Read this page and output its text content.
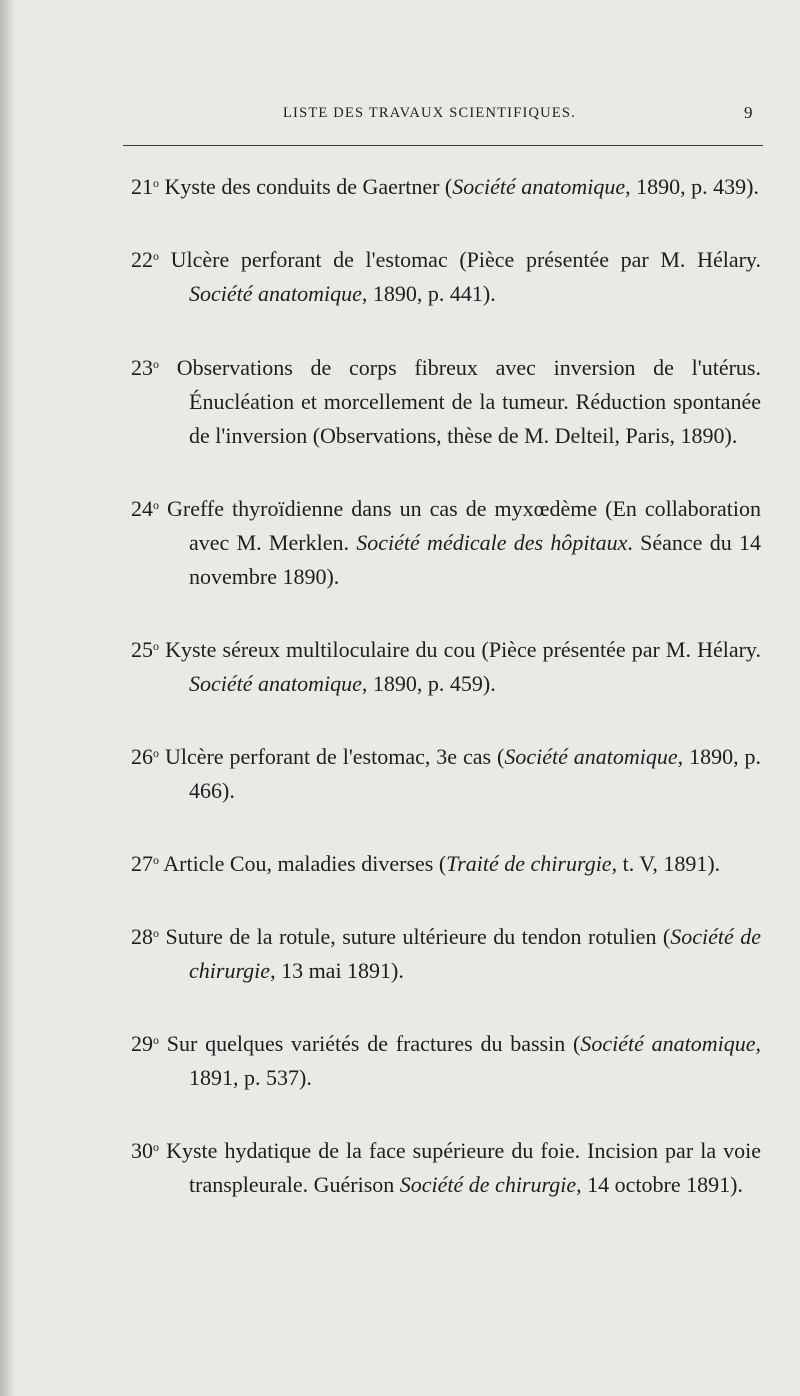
LISTE DES TRAVAUX SCIENTIFIQUES.	9
21$^o$ Kyste des conduits de Gaertner (Société anatomique, 1890, p. 439).
22$^o$ Ulcère perforant de l'estomac (Pièce présentée par M. Hélary. Société anatomique, 1890, p. 441).
23$^o$ Observations de corps fibreux avec inversion de l'utérus. Énucléation et morcellement de la tumeur. Réduction spontanée de l'inversion (Observations, thèse de M. Delteil, Paris, 1890).
24$^o$ Greffe thyroïdienne dans un cas de myxœdème (En collaboration avec M. Merklen. Société médicale des hôpitaux. Séance du 14 novembre 1890).
25$^o$ Kyste séreux multiloculaire du cou (Pièce présentée par M. Hélary. Société anatomique, 1890, p. 459).
26$^o$ Ulcère perforant de l'estomac, 3e cas (Société anatomique, 1890, p. 466).
27$^o$ Article Cou, maladies diverses (Traité de chirurgie, t. V, 1891).
28$^o$ Suture de la rotule, suture ultérieure du tendon rotulien (Société de chirurgie, 13 mai 1891).
29$^o$ Sur quelques variétés de fractures du bassin (Société anatomique, 1891, p. 537).
30$^o$ Kyste hydatique de la face supérieure du foie. Incision par la voie transpleurale. Guérison Société de chirurgie, 14 octobre 1891).
